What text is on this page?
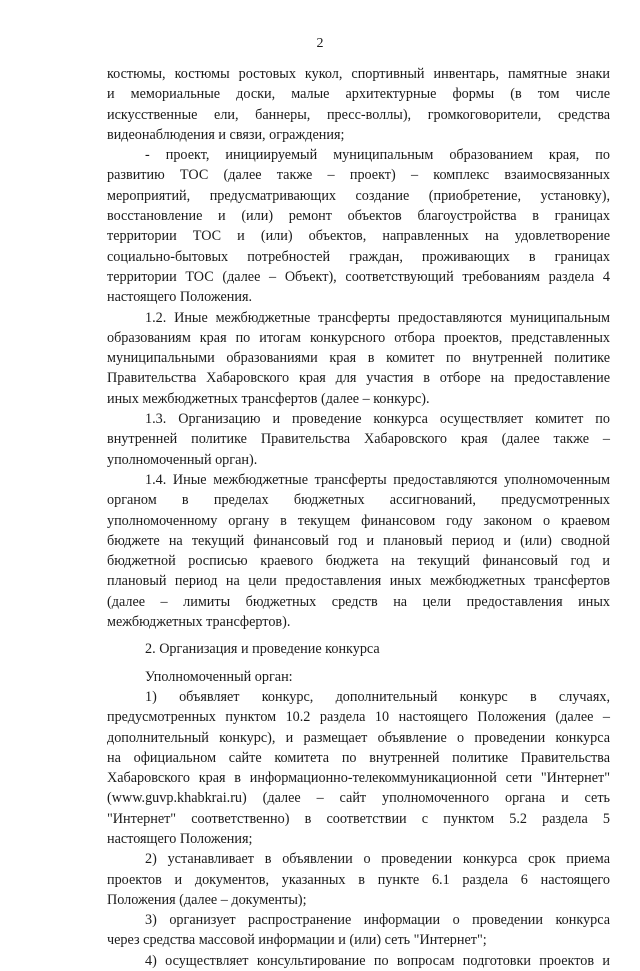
2
костюмы, костюмы ростовых кукол, спортивный инвентарь, памятные знаки
и мемориальные доски, малые архитектурные формы (в том числе
искусственные ели, баннеры, пресс-воллы), громкоговорители, средства
видеонаблюдения и связи, ограждения;
- проект, инициируемый муниципальным образованием края, по
развитию ТОС (далее также – проект) – комплекс взаимосвязанных
мероприятий, предусматривающих создание (приобретение, установку),
восстановление и (или) ремонт объектов благоустройства в границах
территории ТОС и (или) объектов, направленных на удовлетворение
социально-бытовых потребностей граждан, проживающих в границах
территории ТОС (далее – Объект), соответствующий требованиям раздела 4
настоящего Положения.
1.2. Иные межбюджетные трансферты предоставляются муниципальным
образованиям края по итогам конкурсного отбора проектов, представленных
муниципальными образованиями края в комитет по внутренней политике
Правительства Хабаровского края для участия в отборе на предоставление
иных межбюджетных трансфертов (далее – конкурс).
1.3. Организацию и проведение конкурса осуществляет комитет по
внутренней политике Правительства Хабаровского края (далее также –
уполномоченный орган).
1.4. Иные межбюджетные трансферты предоставляются уполномоченным
органом в пределах бюджетных ассигнований, предусмотренных
уполномоченному органу в текущем финансовом году законом о краевом
бюджете на текущий финансовый год и плановый период и (или) сводной
бюджетной росписью краевого бюджета на текущий финансовый год и
плановый период на цели предоставления иных межбюджетных трансфертов
(далее – лимиты бюджетных средств на цели предоставления иных
межбюджетных трансфертов).
2. Организация и проведение конкурса
Уполномоченный орган:
1) объявляет конкурс, дополнительный конкурс в случаях,
предусмотренных пунктом 10.2 раздела 10 настоящего Положения (далее –
дополнительный конкурс), и размещает объявление о проведении конкурса
на официальном сайте комитета по внутренней политике Правительства
Хабаровского края в информационно-телекоммуникационной сети "Интернет"
(www.guvp.khabkrai.ru) (далее – сайт уполномоченного органа и сеть
"Интернет" соответственно) в соответствии с пунктом 5.2 раздела 5
настоящего Положения;
2) устанавливает в объявлении о проведении конкурса срок приема
проектов и документов, указанных в пункте 6.1 раздела 6 настоящего
Положения (далее – документы);
3) организует распространение информации о проведении конкурса
через средства массовой информации и (или) сеть "Интернет";
4) осуществляет консультирование по вопросам подготовки проектов и
